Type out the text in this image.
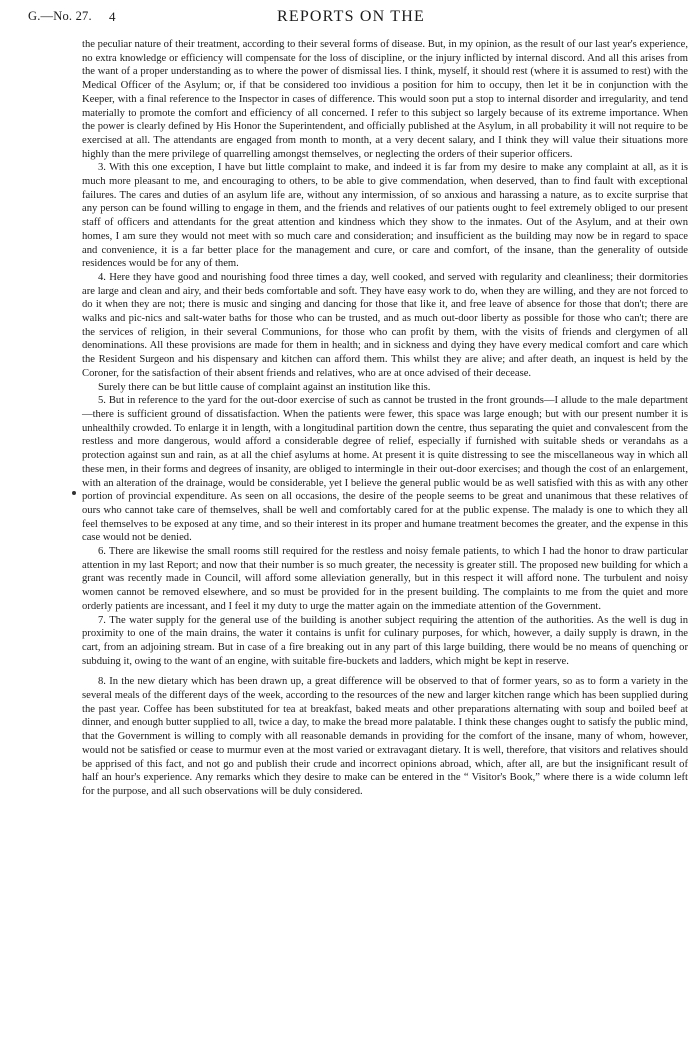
G.—No. 27. 4	REPORTS ON THE

the peculiar nature of their treatment, according to their several forms of disease. But, in my opinion, as the result of our last year's experience, no extra knowledge or efficiency will compensate for the loss of discipline, or the injury inflicted by internal discord. And all this arises from the want of a proper understanding as to where the power of dismissal lies. I think, myself, it should rest (where it is assumed to rest) with the Medical Officer of the Asylum; or, if that be considered too invidious a position for him to occupy, then let it be in conjunction with the Keeper, with a final reference to the Inspector in cases of difference. This would soon put a stop to internal disorder and irregularity, and tend materially to promote the comfort and efficiency of all concerned. I refer to this subject so largely because of its extreme importance. When the power is clearly defined by His Honor the Superintendent, and officially published at the Asylum, in all probability it will not require to be exercised at all. The attendants are engaged from month to month, at a very decent salary, and I think they will value their situations more highly than the mere privilege of quarrelling amongst themselves, or neglecting the orders of their superior officers.

3. With this one exception, I have but little complaint to make, and indeed it is far from my desire to make any complaint at all, as it is much more pleasant to me, and encouraging to others, to be able to give commendation, when deserved, than to find fault with exceptional failures. The cares and duties of an asylum life are, without any intermission, of so anxious and harassing a nature, as to excite surprise that any person can be found willing to engage in them, and the friends and relatives of our patients ought to feel extremely obliged to our present staff of officers and attendants for the great attention and kindness which they show to the inmates. Out of the Asylum, and at their own homes, I am sure they would not meet with so much care and consideration; and insufficient as the building may now be in regard to space and convenience, it is a far better place for the management and cure, or care and comfort, of the insane, than the generality of outside residences would be for any of them.

4. Here they have good and nourishing food three times a day, well cooked, and served with regularity and cleanliness; their dormitories are large and clean and airy, and their beds comfortable and soft. They have easy work to do, when they are willing, and they are not forced to do it when they are not; there is music and singing and dancing for those that like it, and free leave of absence for those that don't; there are walks and pic-nics and salt-water baths for those who can be trusted, and as much out-door liberty as possible for those who can't; there are the services of religion, in their several Communions, for those who can profit by them, with the visits of friends and clergymen of all denominations. All these provisions are made for them in health; and in sickness and dying they have every medical comfort and care which the Resident Surgeon and his dispensary and kitchen can afford them. This whilst they are alive; and after death, an inquest is held by the Coroner, for the satisfaction of their absent friends and relatives, who are at once advised of their decease.

Surely there can be but little cause of complaint against an institution like this.

5. But in reference to the yard for the out-door exercise of such as cannot be trusted in the front grounds—I allude to the male department—there is sufficient ground of dissatisfaction. When the patients were fewer, this space was large enough; but with our present number it is unhealthily crowded. To enlarge it in length, with a longitudinal partition down the centre, thus separating the quiet and convalescent from the restless and more dangerous, would afford a considerable degree of relief, especially if furnished with suitable sheds or verandahs as a protection against sun and rain, as at all the chief asylums at home. At present it is quite distressing to see the miscellaneous way in which all these men, in their forms and degrees of insanity, are obliged to intermingle in their out-door exercises; and though the cost of an enlargement, with an alteration of the drainage, would be considerable, yet I believe the general public would be as well satisfied with this as with any other portion of provincial expenditure. As seen on all occasions, the desire of the people seems to be great and unanimous that these relatives of ours who cannot take care of themselves, shall be well and comfortably cared for at the public expense. The malady is one to which they all feel themselves to be exposed at any time, and so their interest in its proper and humane treatment becomes the greater, and the expense in this case would not be denied.

6. There are likewise the small rooms still required for the restless and noisy female patients, to which I had the honor to draw particular attention in my last Report; and now that their number is so much greater, the necessity is greater still. The proposed new building for which a grant was recently made in Council, will afford some alleviation generally, but in this respect it will afford none. The turbulent and noisy women cannot be removed elsewhere, and so must be provided for in the present building. The complaints to me from the quiet and more orderly patients are incessant, and I feel it my duty to urge the matter again on the immediate attention of the Government.

7. The water supply for the general use of the building is another subject requiring the attention of the authorities. As the well is dug in proximity to one of the main drains, the water it contains is unfit for culinary purposes, for which, however, a daily supply is drawn, in the cart, from an adjoining stream. But in case of a fire breaking out in any part of this large building, there would be no means of quenching or subduing it, owing to the want of an engine, with suitable fire-buckets and ladders, which might be kept in reserve.

8. In the new dietary which has been drawn up, a great difference will be observed to that of former years, so as to form a variety in the several meals of the different days of the week, according to the resources of the new and larger kitchen range which has been supplied during the past year. Coffee has been substituted for tea at breakfast, baked meats and other preparations alternating with soup and boiled beef at dinner, and enough butter supplied to all, twice a day, to make the bread more palatable. I think these changes ought to satisfy the public mind, that the Government is willing to comply with all reasonable demands in providing for the comfort of the insane, many of whom, however, would not be satisfied or cease to murmur even at the most varied or extravagant dietary. It is well, therefore, that visitors and relatives should be apprised of this fact, and not go and publish their crude and incorrect opinions abroad, which, after all, are but the insignificant result of half an hour's experience. Any remarks which they desire to make can be entered in the “ Visitor's Book,” where there is a wide column left for the purpose, and all such observations will be duly considered.
